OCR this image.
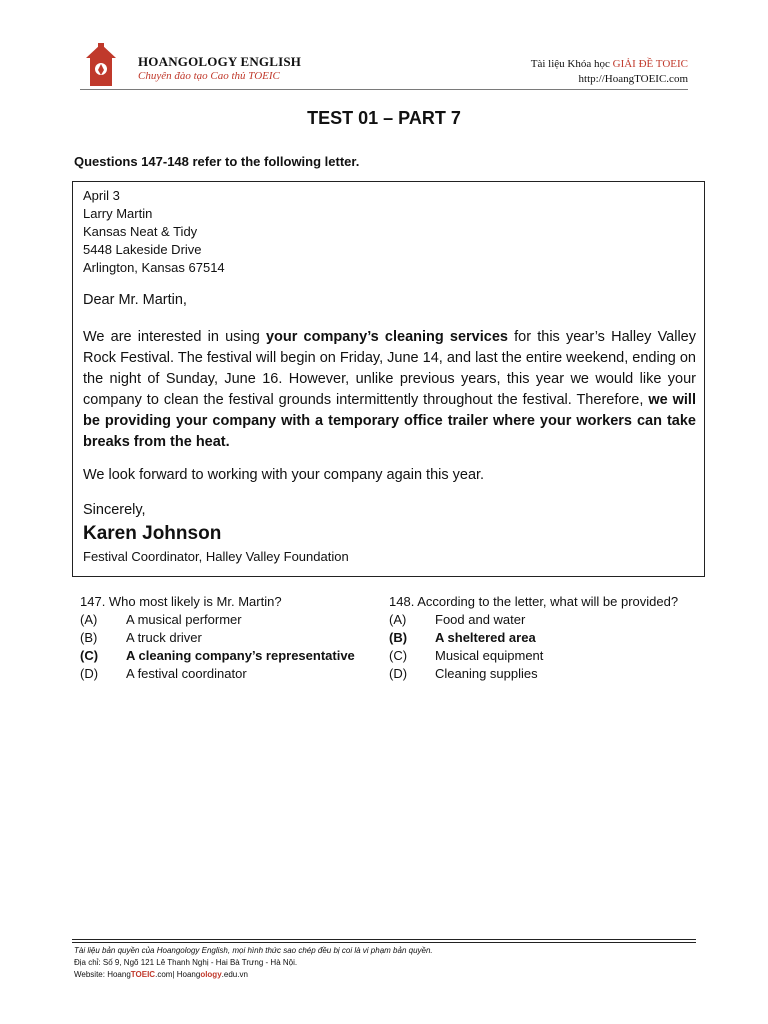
HOANGOLOGY ENGLISH
Chuyên đào tạo Cao thủ TOEIC
Tài liệu Khóa học GIẢI ĐỀ TOEIC
http://HoangTOEIC.com
TEST 01 – PART 7
Questions 147-148 refer to the following letter.
April 3
Larry Martin
Kansas Neat & Tidy
5448 Lakeside Drive
Arlington, Kansas 67514
Dear Mr. Martin,
We are interested in using your company’s cleaning services for this year’s Halley Valley Rock Festival. The festival will begin on Friday, June 14, and last the entire weekend, ending on the night of Sunday, June 16. However, unlike previous years, this year we would like your company to clean the festival grounds intermittently throughout the festival. Therefore, we will be providing your company with a temporary office trailer where your workers can take breaks from the heat.
We look forward to working with your company again this year.
Sincerely,
Karen Johnson
Festival Coordinator, Halley Valley Foundation
147. Who most likely is Mr. Martin?
(A)	A musical performer
(B)	A truck driver
(C)	A cleaning company’s representative
(D)	A festival coordinator
148. According to the letter, what will be provided?
(A)	Food and water
(B)	A sheltered area
(C)	Musical equipment
(D)	Cleaning supplies
Tài liệu bản quyền của Hoangology English, mọi hình thức sao chép đều bị coi là vi phạm bản quyền.
Địa chỉ: Số 9, Ngõ 121 Lê Thanh Nghị - Hai Bà Trưng - Hà Nội.
Website: HoangTOEIC.com| Hoangology.edu.vn
